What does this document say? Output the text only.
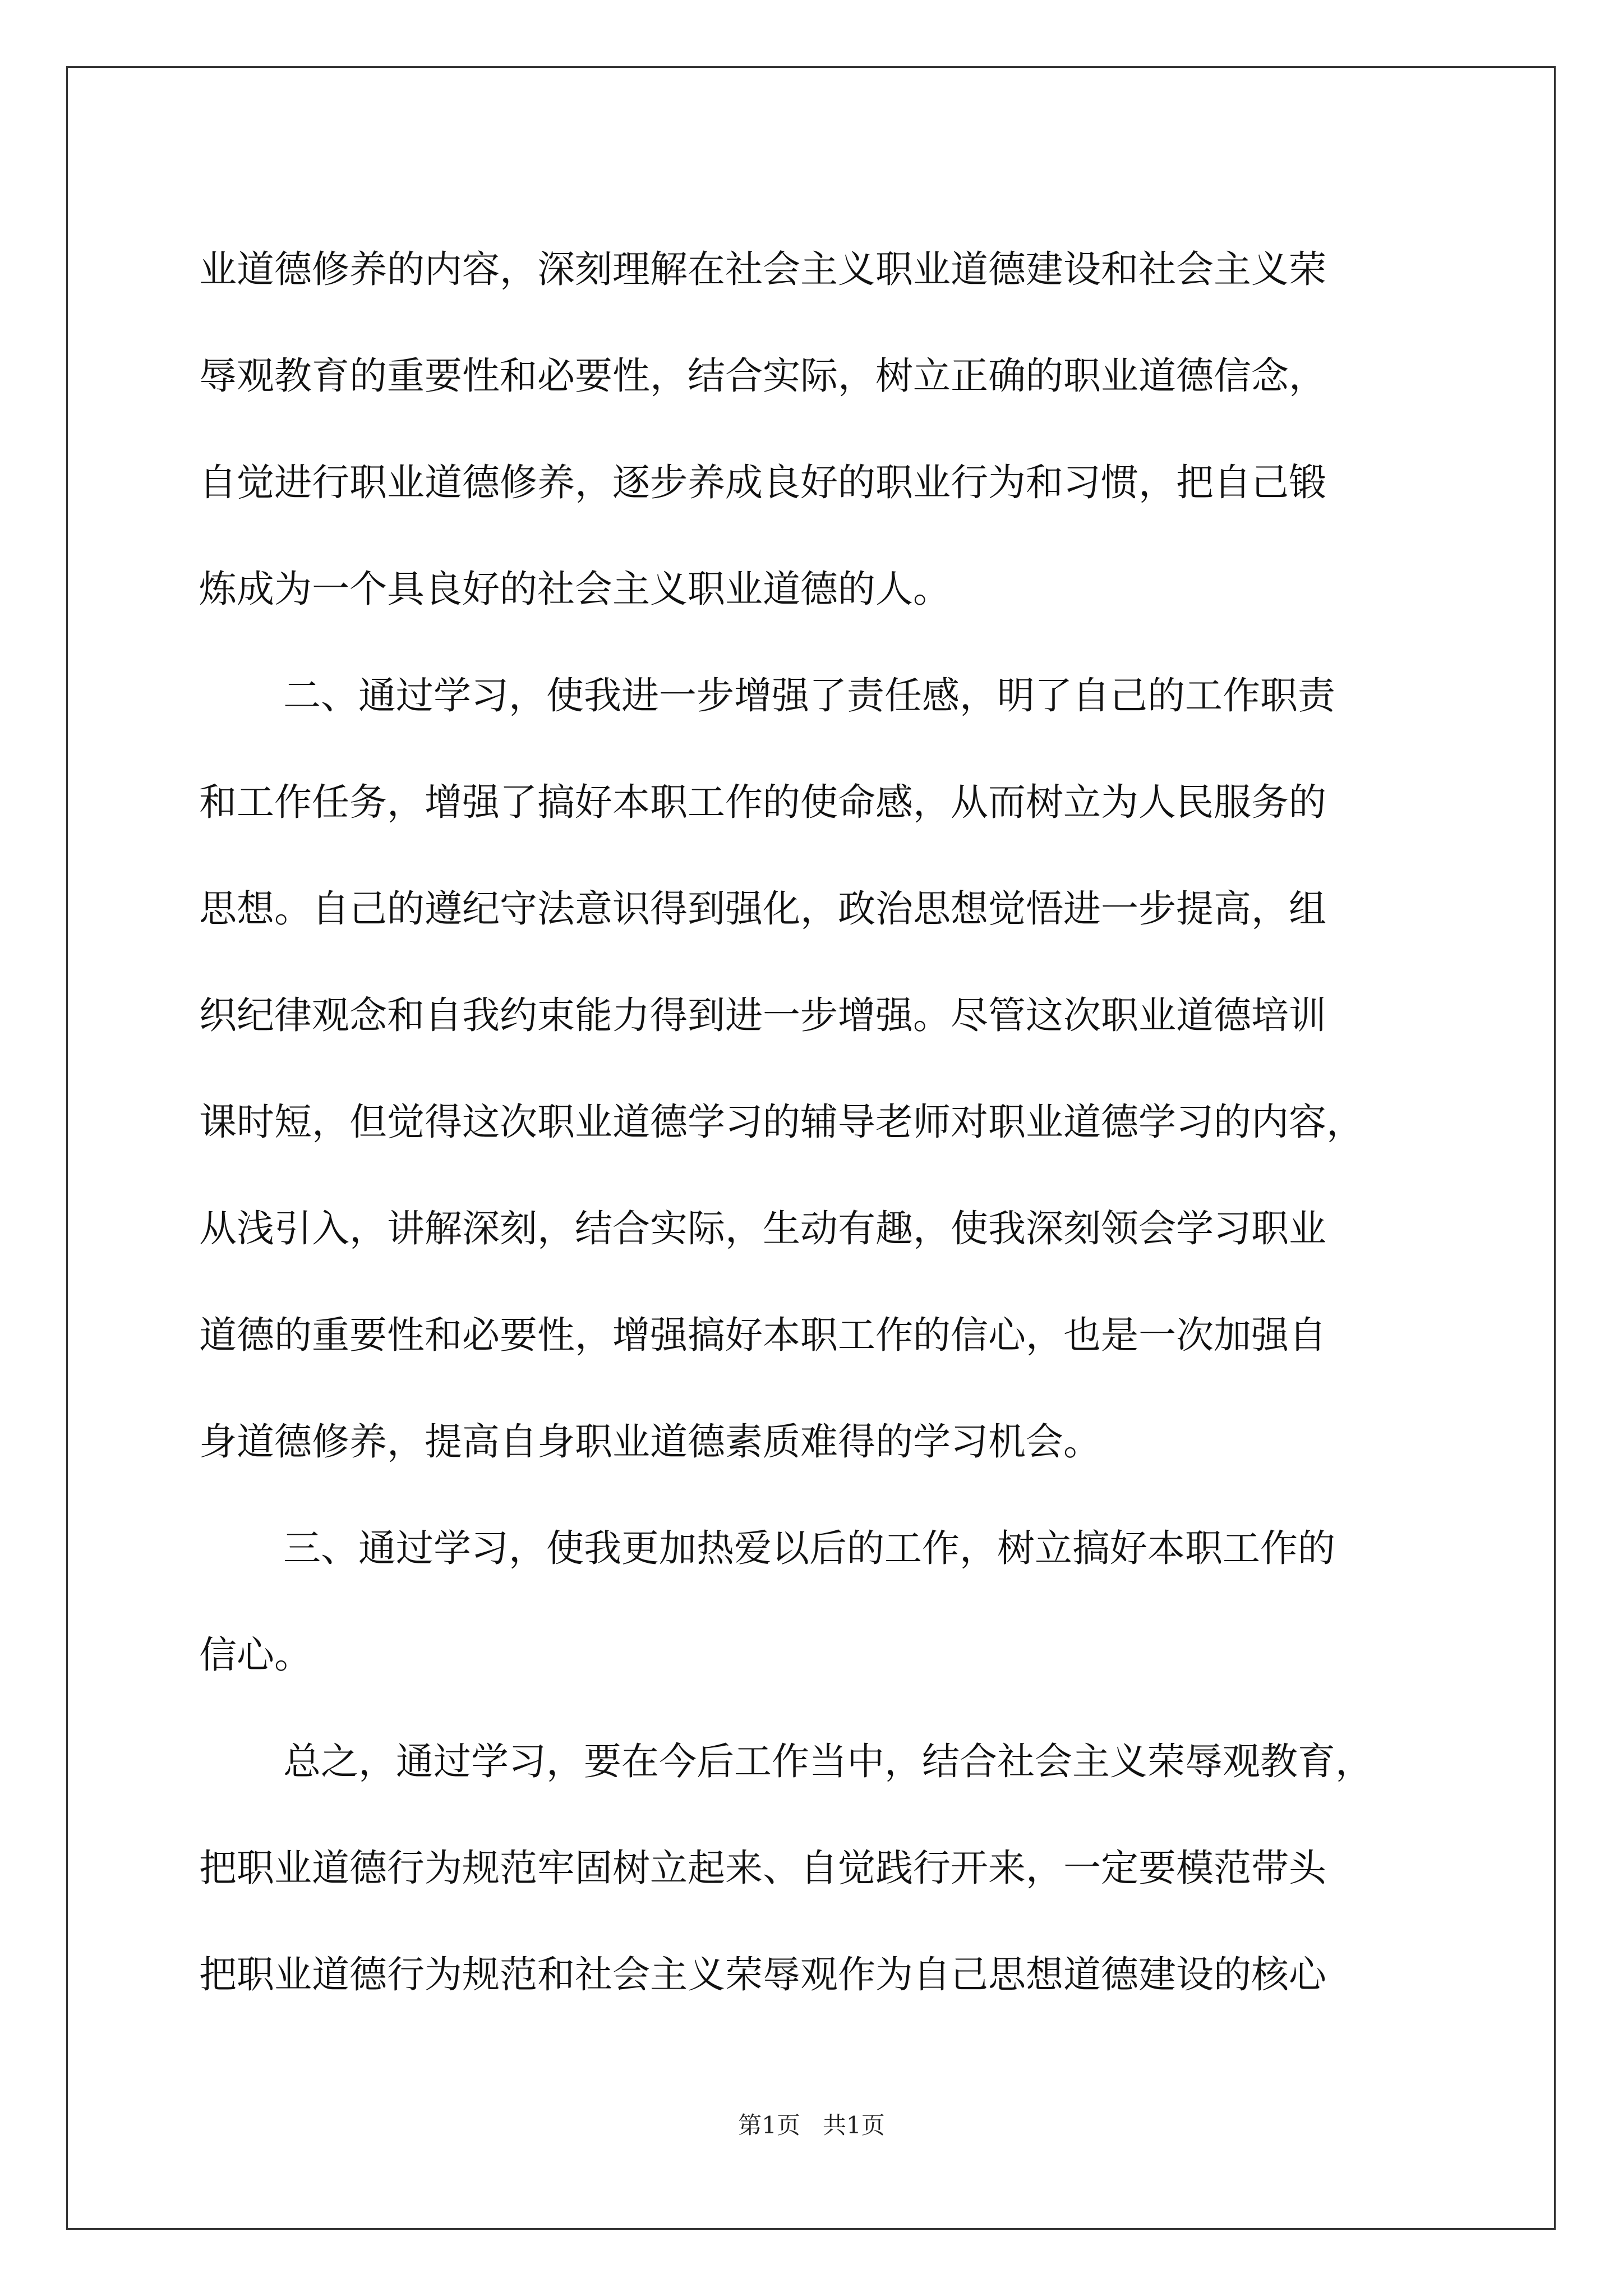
业道德修养的内容，深刻理解在社会主义职业道德建设和社会主义荣
辱观教育的重要性和必要性，结合实际，树立正确的职业道德信念，
自觉进行职业道德修养，逐步养成良好的职业行为和习惯，把自己锻
炼成为一个具良好的社会主义职业道德的人。
二、通过学习，使我进一步增强了责任感，明了自己的工作职责
和工作任务，增强了搞好本职工作的使命感，从而树立为人民服务的
思想。自己的遵纪守法意识得到强化，政治思想觉悟进一步提高，组
织纪律观念和自我约束能力得到进一步增强。尽管这次职业道德培训
课时短，但觉得这次职业道德学习的辅导老师对职业道德学习的内容，
从浅引入，讲解深刻，结合实际，生动有趣，使我深刻领会学习职业
道德的重要性和必要性，增强搞好本职工作的信心，也是一次加强自
身道德修养，提高自身职业道德素质难得的学习机会。
三、通过学习，使我更加热爱以后的工作，树立搞好本职工作的
信心。
总之，通过学习，要在今后工作当中，结合社会主义荣辱观教育，
把职业道德行为规范牢固树立起来、自觉践行开来，一定要模范带头
把职业道德行为规范和社会主义荣辱观作为自己思想道德建设的核心
第1页 共1页
